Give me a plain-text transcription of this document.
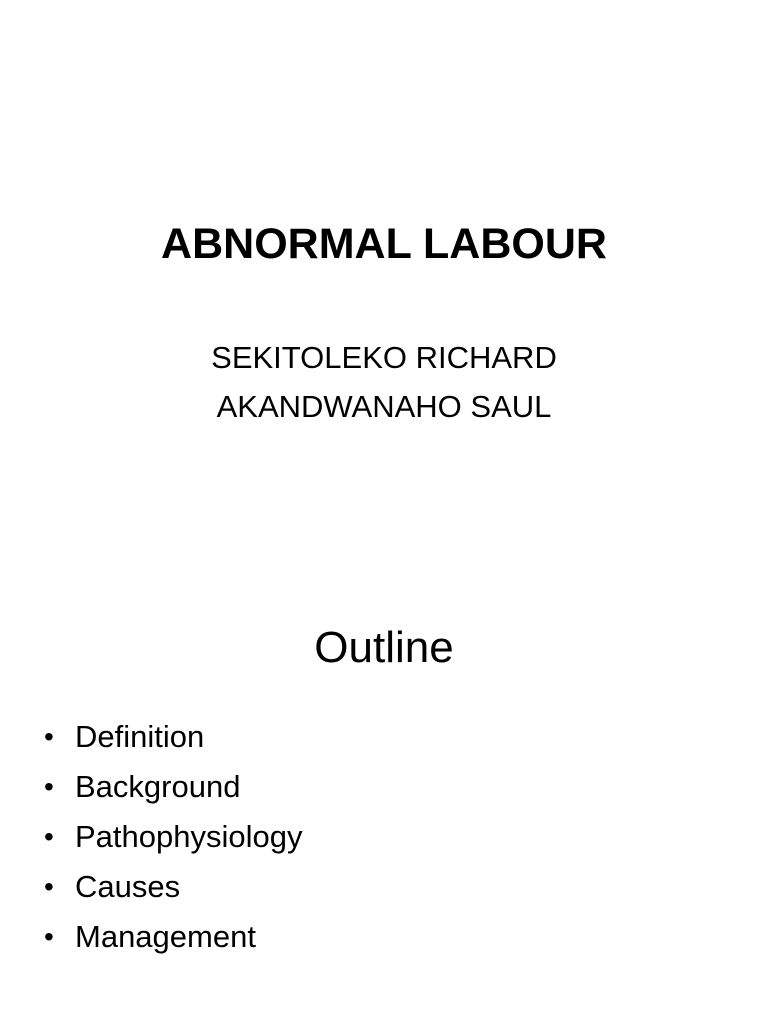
ABNORMAL LABOUR
SEKITOLEKO RICHARD
AKANDWANAHO SAUL
Outline
• Definition
• Background
• Pathophysiology
• Causes
• Management
